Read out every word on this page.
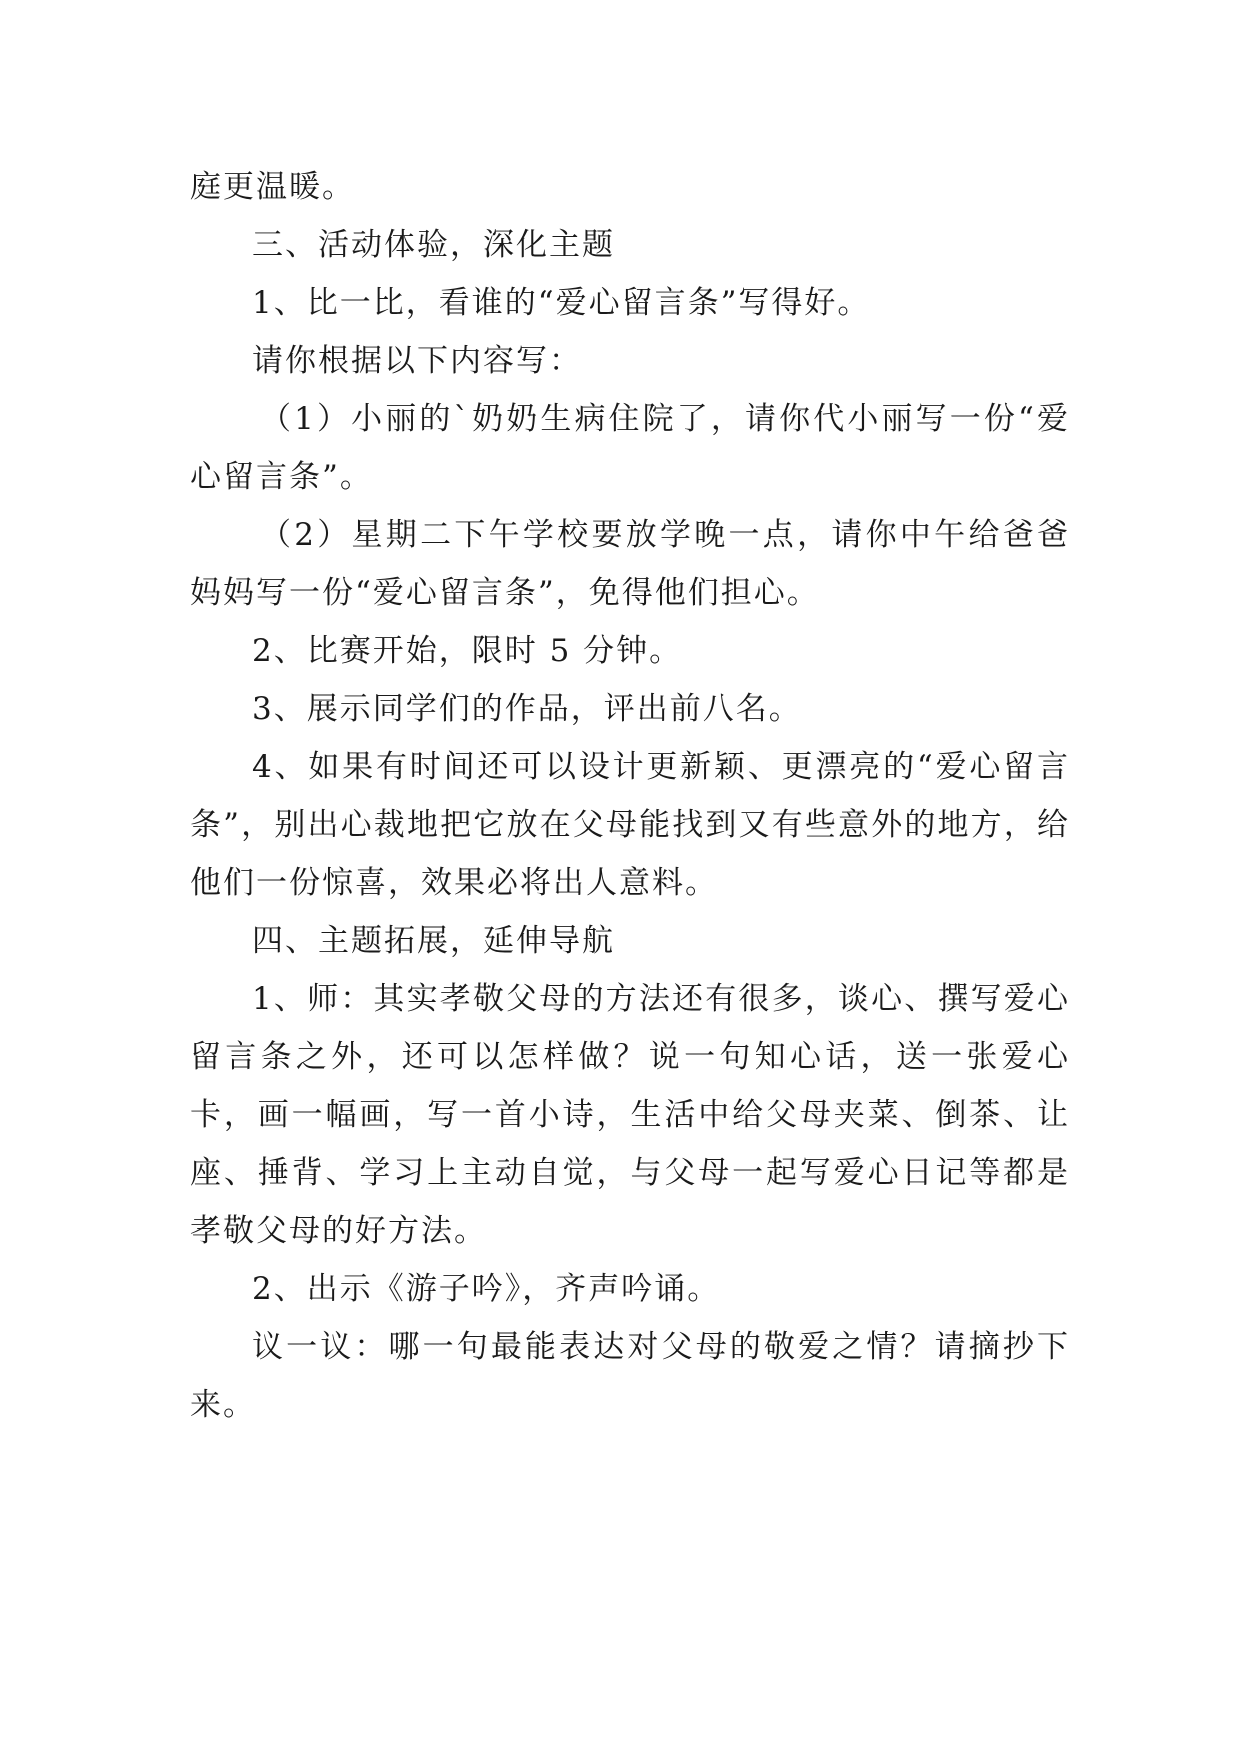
庭更温暖。

三、活动体验，深化主题

1、比一比，看谁的“爱心留言条”写得好。

请你根据以下内容写：

（1）小丽的`奶奶生病住院了，请你代小丽写一份“爱心留言条”。

（2）星期二下午学校要放学晚一点，请你中午给爸爸妈妈写一份“爱心留言条”，免得他们担心。

2、比赛开始，限时 5 分钟。

3、展示同学们的作品，评出前八名。

4、如果有时间还可以设计更新颖、更漂亮的“爱心留言条”，别出心裁地把它放在父母能找到又有些意外的地方，给他们一份惊喜，效果必将出人意料。

四、主题拓展，延伸导航

1、师：其实孝敬父母的方法还有很多，谈心、撰写爱心留言条之外，还可以怎样做？说一句知心话，送一张爱心卡，画一幅画，写一首小诗，生活中给父母夹菜、倒茶、让座、捶背、学习上主动自觉，与父母一起写爱心日记等都是孝敬父母的好方法。

2、出示《游子吟》，齐声吟诵。

议一议：哪一句最能表达对父母的敬爱之情？请摘抄下来。
